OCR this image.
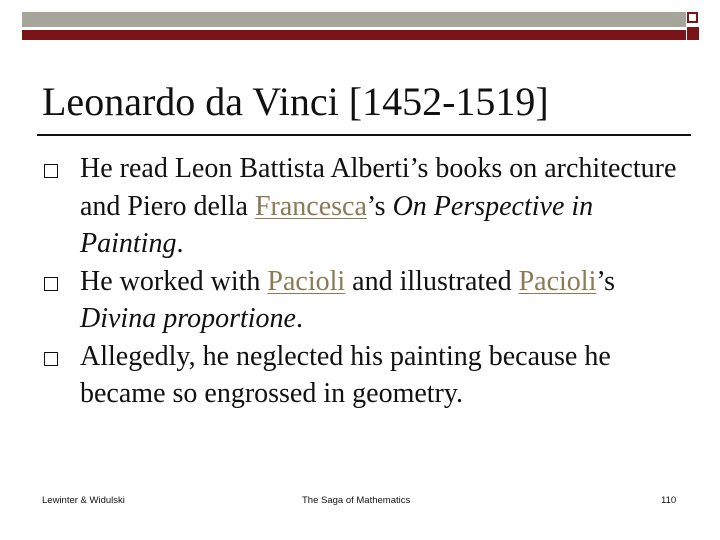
Leonardo da Vinci [1452-1519]
He read Leon Battista Alberti’s books on architecture and Piero della Francesca’s On Perspective in Painting.
He worked with Pacioli and illustrated Pacioli’s Divina proportione.
Allegedly, he neglected his painting because he became so engrossed in geometry.
Lewinter & Widulski	The Saga of Mathematics	110
